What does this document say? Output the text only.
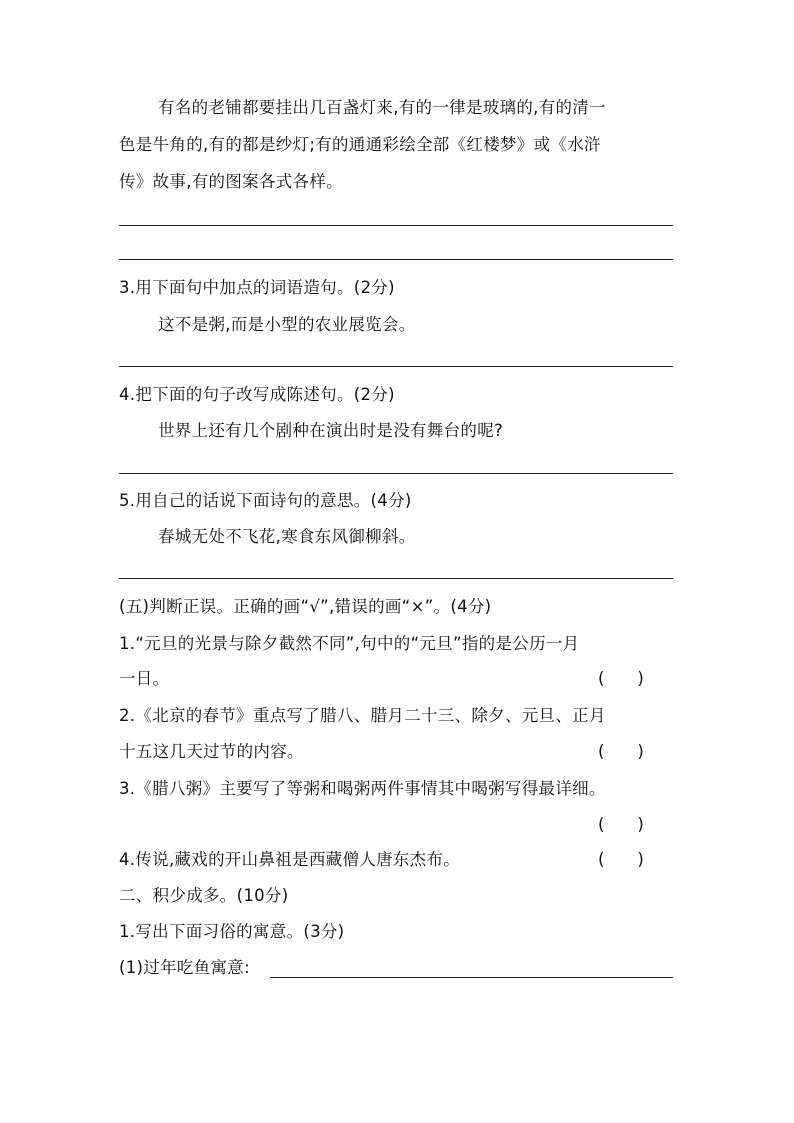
有名的老铺都要挂出几百盏灯来,有的一律是玻璃的,有的清一
色是牛角的,有的都是纱灯;有的通通彩绘全部《红楼梦》或《水浒
传》故事,有的图案各式各样。
3.用下面句中加点的词语造句。(2分)
这不是粥,而是小型的农业展览会。
4.把下面的句子改写成陈述句。(2分)
世界上还有几个剧种在演出时是没有舞台的呢?
5.用自己的话说下面诗句的意思。(4分)
春城无处不飞花,寒食东风御柳斜。
(五)判断正误。正确的画“√”,错误的画“×”。(4分)
1.“元旦的光景与除夕截然不同”,句中的“元旦”指的是公历一月
一日。	(　　)
2.《北京的春节》重点写了腊八、腊月二十三、除夕、元旦、正月
十五这几天过节的内容。	(　　)
3.《腊八粥》主要写了等粥和喝粥两件事情其中喝粥写得最详细。
(　　)
4.传说,藏戏的开山鼻祖是西藏僧人唐东杰布。	(　　)
二、积少成多。(10分)
1.写出下面习俗的寓意。(3分)
(1)过年吃鱼寓意:
